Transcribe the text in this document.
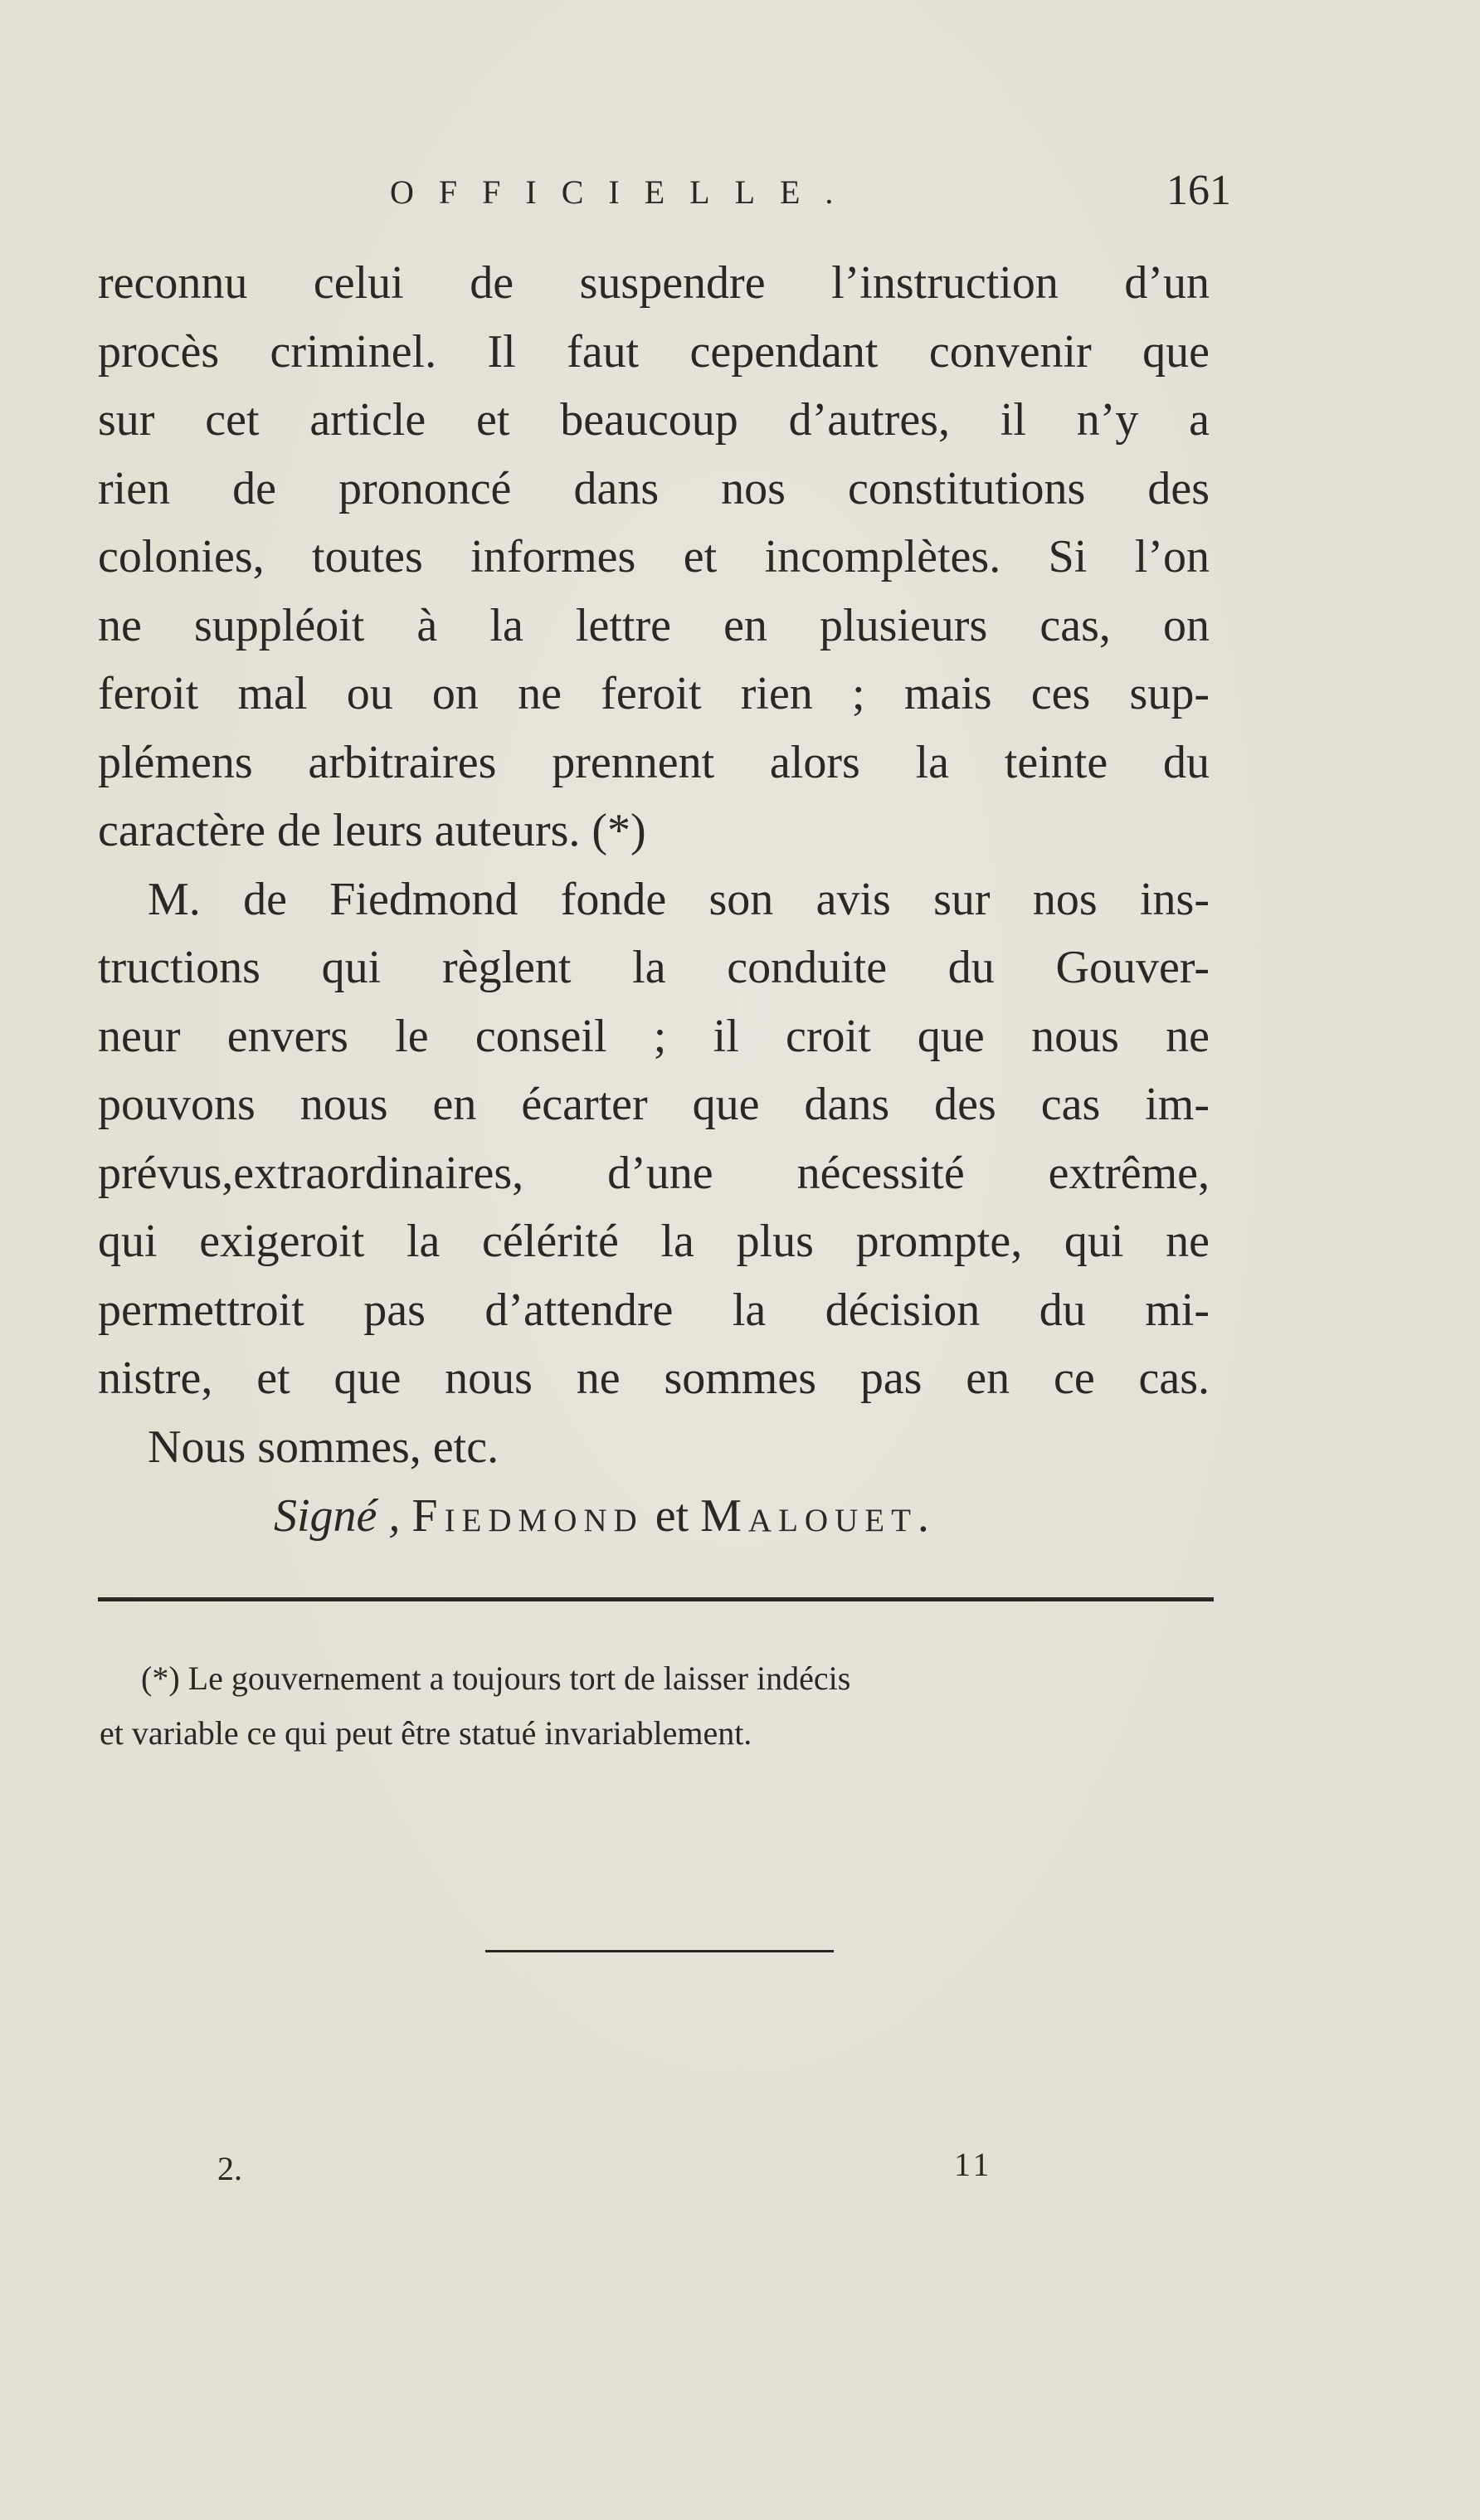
OFFICIELLE.	161
reconnu celui de suspendre l’instruction d’un
procès criminel. Il faut cependant convenir que
sur cet article et beaucoup d’autres, il n’y a
rien de prononcé dans nos constitutions des
colonies, toutes informes et incomplètes. Si l’on
ne suppléoit à la lettre en plusieurs cas, on
feroit mal ou on ne feroit rien ; mais ces sup-
plémens arbitraires prennent alors la teinte du
caractère de leurs auteurs. (*)
M. de Fiedmond fonde son avis sur nos ins-
tructions qui règlent la conduite du Gouver-
neur envers le conseil ; il croit que nous ne
pouvons nous en écarter que dans des cas im-
prévus,extraordinaires, d’une nécessité extrême,
qui exigeroit la célérité la plus prompte, qui ne
permettroit pas d’attendre la décision du mi-
nistre, et que nous ne sommes pas en ce cas.
Nous sommes, etc.
Signé , Fiedmond et Malouet.
(*) Le gouvernement a toujours tort de laisser indécis
et variable ce qui peut être statué invariablement.
2.	11
